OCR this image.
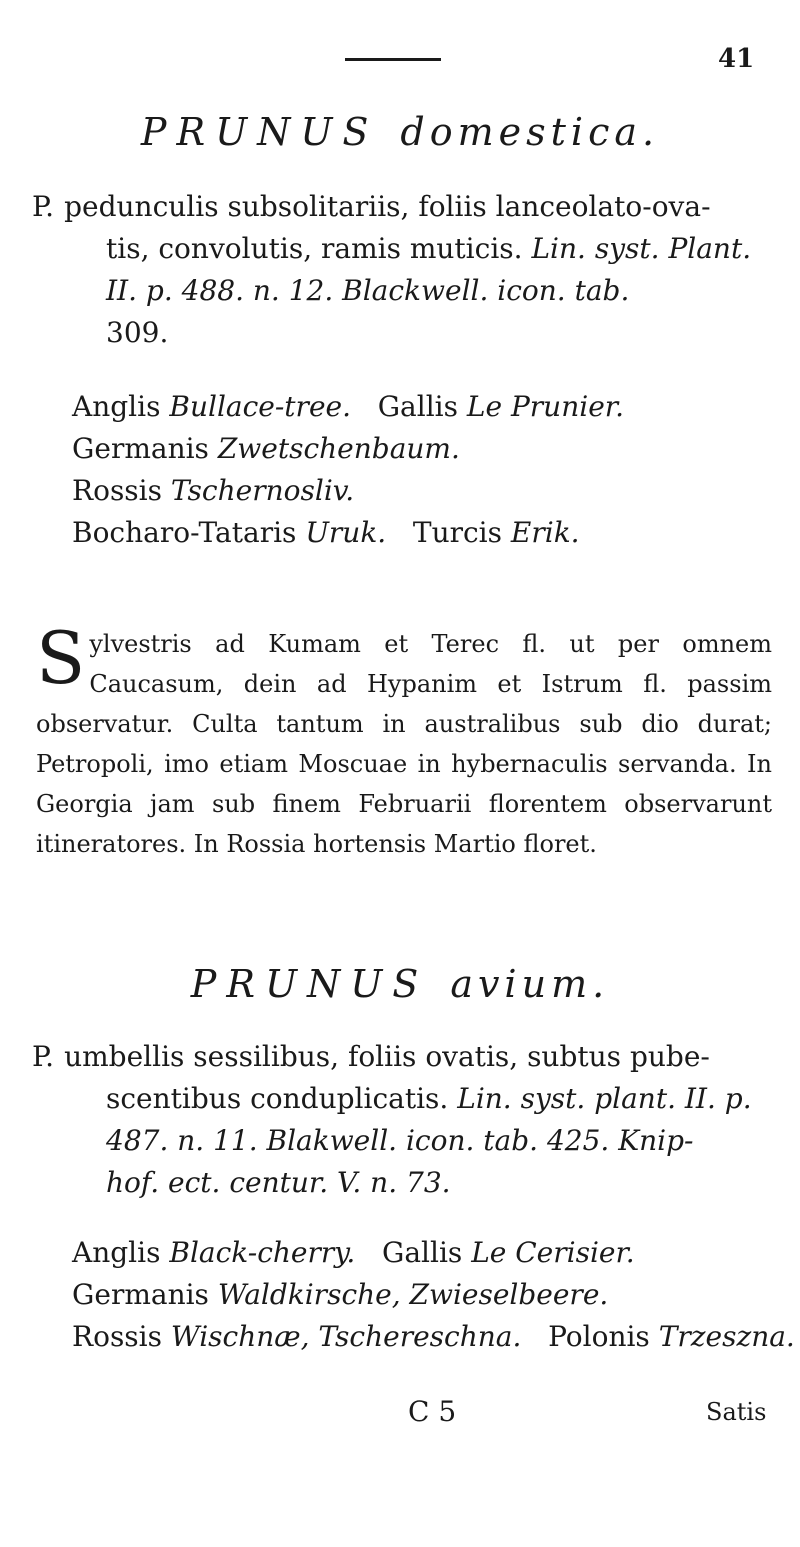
41
PRUNUS domestica.
P. pedunculis subsolitariis, foliis lanceolato-ova-
tis, convolutis, ramis muticis. Lin. syst. Plant. II. p. 488. n. 12. Blackwell. icon. tab.
309.
Anglis Bullace-tree. Gallis Le Prunier.
Germanis Zwetschenbaum.
Rossis Tschernosliv.
Bocharo-Tataris Uruk. Turcis Erik.
Sylvestris ad Kumam et Terec fl. ut per omnem Caucasum, dein ad Hypanim et Istrum fl. passim observatur. Culta tantum in australibus sub dio durat; Petropoli, imo etiam Moscuae in hybernaculis servanda. In Georgia jam sub finem Februarii florentem observarunt itineratores. In Rossia hortensis Martio floret.
PRUNUS avium.
P. umbellis sessilibus, foliis ovatis, subtus pube-
scentibus conduplicatis. Lin. syst. plant. II. p. 487. n. 11. Blakwell. icon. tab. 425. Knip-
hof. ect. centur. V. n. 73.
Anglis Black-cherry. Gallis Le Cerisier.
Germanis Waldkirsche, Zwieselbeere.
Rossis Wischnæ, Tschereschna. Polonis Trzeszna.
C 5	Satis
